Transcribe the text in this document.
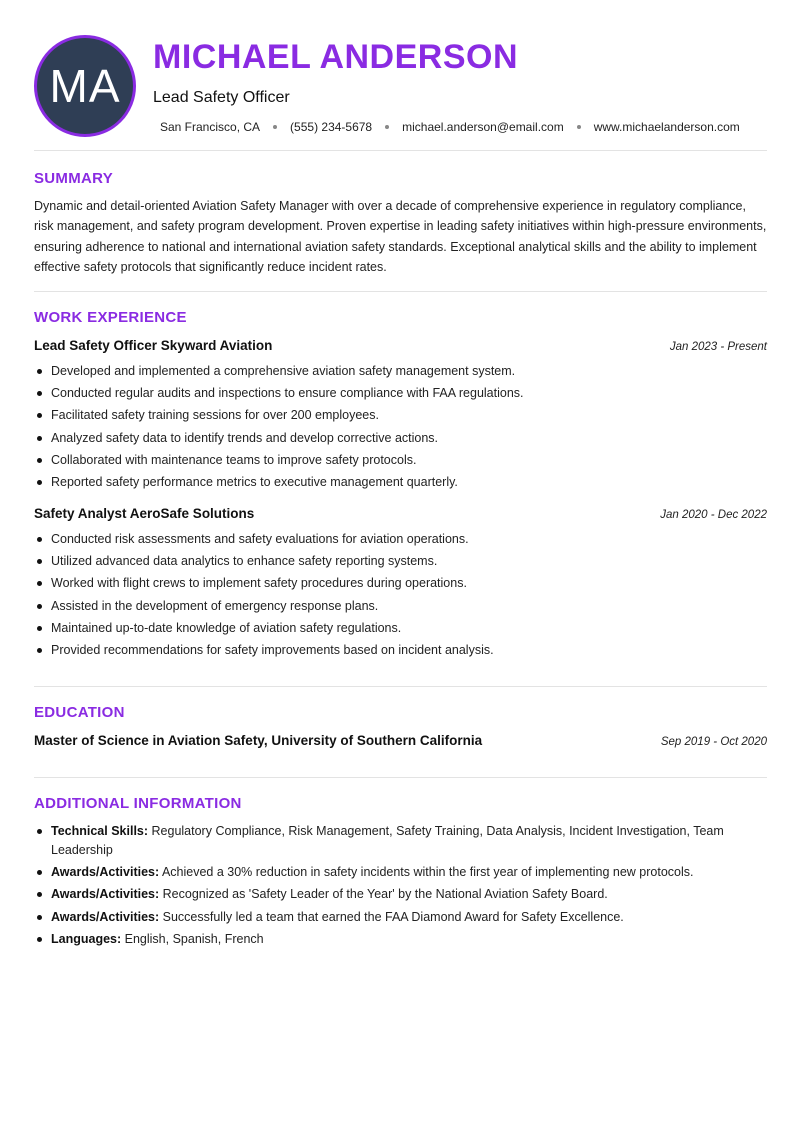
MA
MICHAEL ANDERSON
Lead Safety Officer
San Francisco, CA	(555) 234-5678	michael.anderson@email.com	www.michaelanderson.com
SUMMARY

Dynamic and detail-oriented Aviation Safety Manager with over a decade of comprehensive experience in regulatory compliance, risk management, and safety program development. Proven expertise in leading safety initiatives within high-pressure environments, ensuring adherence to national and international aviation safety standards. Exceptional analytical skills and the ability to implement effective safety protocols that significantly reduce incident rates.

WORK EXPERIENCE
Lead Safety Officer Skyward Aviation	Jan 2023 - Present
Developed and implemented a comprehensive aviation safety management system.
Conducted regular audits and inspections to ensure compliance with FAA regulations.
Facilitated safety training sessions for over 200 employees.
Analyzed safety data to identify trends and develop corrective actions.
Collaborated with maintenance teams to improve safety protocols.
Reported safety performance metrics to executive management quarterly.
Safety Analyst AeroSafe Solutions	Jan 2020 - Dec 2022
Conducted risk assessments and safety evaluations for aviation operations.
Utilized advanced data analytics to enhance safety reporting systems.
Worked with flight crews to implement safety procedures during operations.
Assisted in the development of emergency response plans.
Maintained up-to-date knowledge of aviation safety regulations.
Provided recommendations for safety improvements based on incident analysis.
EDUCATION
Master of Science in Aviation Safety, University of Southern California	Sep 2019 - Oct 2020
ADDITIONAL INFORMATION
Technical Skills: Regulatory Compliance, Risk Management, Safety Training, Data Analysis, Incident Investigation, Team Leadership
Awards/Activities: Achieved a 30% reduction in safety incidents within the first year of implementing new protocols.
Awards/Activities: Recognized as 'Safety Leader of the Year' by the National Aviation Safety Board.
Awards/Activities: Successfully led a team that earned the FAA Diamond Award for Safety Excellence.
Languages: English, Spanish, French
